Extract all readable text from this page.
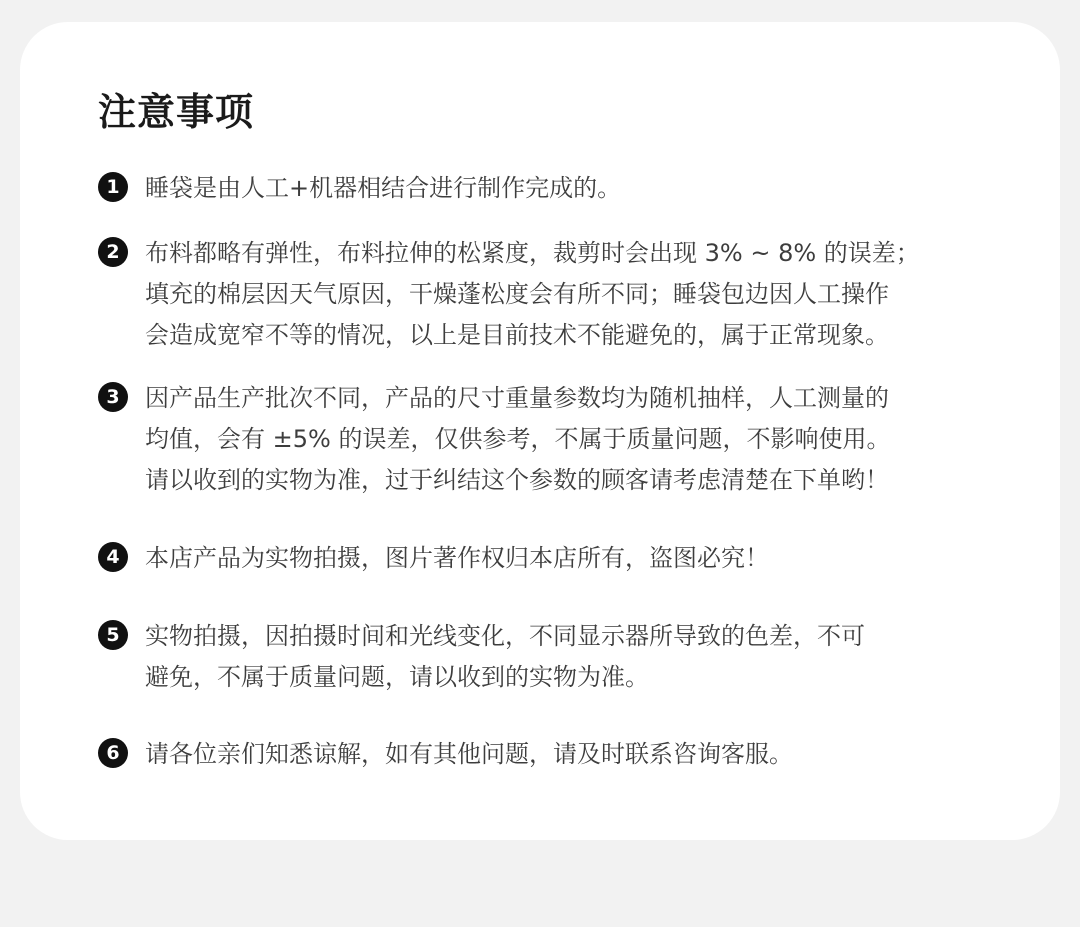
注意事项
1	睡袋是由人工+机器相结合进行制作完成的。

2	布料都略有弹性，布料拉伸的松紧度，裁剪时会出现 3% ~ 8% 的误差；
填充的棉层因天气原因，干燥蓬松度会有所不同；睡袋包边因人工操作
会造成宽窄不等的情况，以上是目前技术不能避免的，属于正常现象。

3	因产品生产批次不同，产品的尺寸重量参数均为随机抽样，人工测量的
均值，会有 ±5% 的误差，仅供参考，不属于质量问题，不影响使用。
请以收到的实物为准，过于纠结这个参数的顾客请考虑清楚在下单哟！

4	本店产品为实物拍摄，图片著作权归本店所有，盗图必究！

5	实物拍摄，因拍摄时间和光线变化，不同显示器所导致的色差，不可
避免，不属于质量问题，请以收到的实物为准。

6	请各位亲们知悉谅解，如有其他问题，请及时联系咨询客服。
